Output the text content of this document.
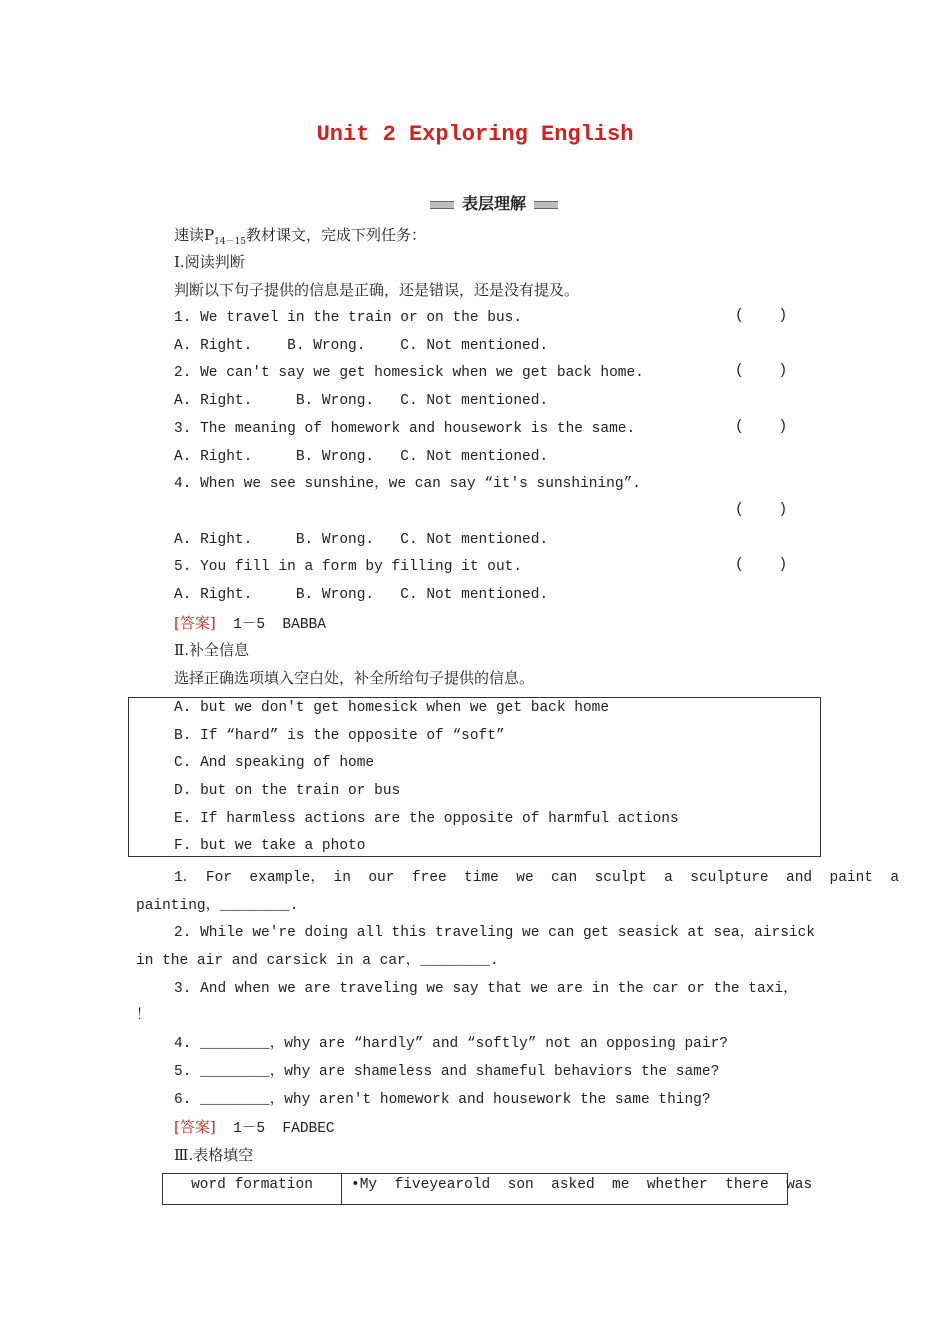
Unit 2 Exploring English
表层理解
速读$P_{14-15}$教材课文，完成下列任务：
Ⅰ.阅读判断
判断以下句子提供的信息是正确，还是错误，还是没有提及。
1. We travel in the train or on the bus.	(    )
A. Right.    B. Wrong.    C. Not mentioned.
2. We can't say we get homesick when we get back home.	(    )
A. Right.     B. Wrong.   C. Not mentioned.
3. The meaning of homework and housework is the same.	(    )
A. Right.     B. Wrong.   C. Not mentioned.
4. When we see sunshine，we can say “it's sunshining”.
(    )
A. Right.     B. Wrong.   C. Not mentioned.
5. You fill in a form by filling it out.	(    )
A. Right.     B. Wrong.   C. Not mentioned.
[答案]  1－5  BABBA
Ⅱ.补全信息
选择正确选项填入空白处，补全所给句子提供的信息。
A. but we don't get homesick when we get back home
B. If “hard” is the opposite of “soft”
C. And speaking of home
D. but on the train or bus
E. If harmless actions are the opposite of harmful actions
F. but we take a photo
1． For  example， in  our  free  time  we  can  sculpt  a  sculpture  and  paint  a
painting，________.
2. While we're doing all this traveling we can get seasick at sea，airsick
in the air and carsick in a car，________.
3. And when we are traveling we say that we are in the car or the taxi，
！
4. ________，why are “hardly” and “softly” not an opposing pair?
5. ________，why are shameless and shameful behaviors the same?
6. ________，why aren't homework and housework the same thing?
[答案]  1－5  FADBEC
Ⅲ.表格填空
word formation	•My  fiveyearold  son  asked  me  whether  there  was
